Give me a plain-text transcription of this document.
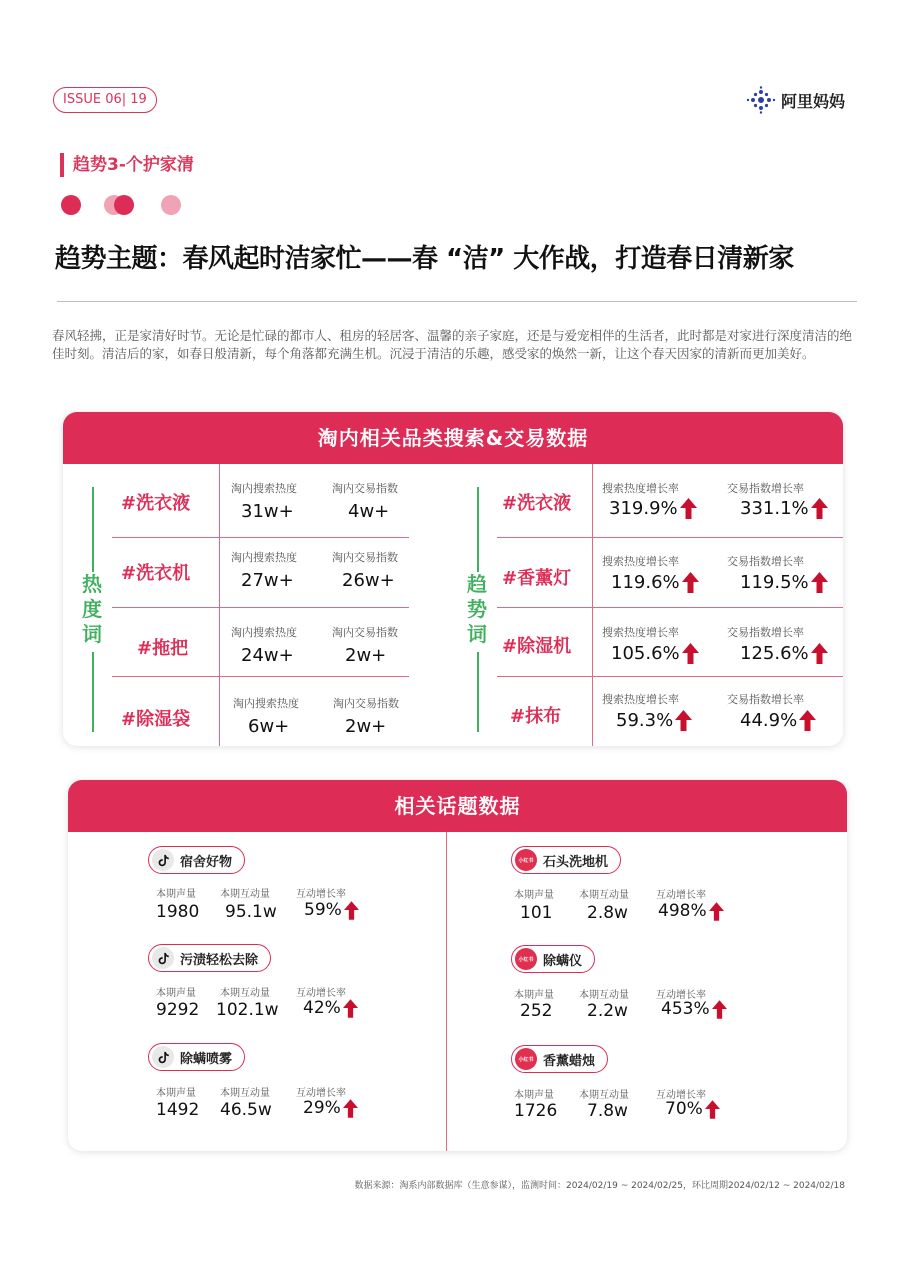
ISSUE 06| 19	阿里妈妈
趋势3-个护家清
趋势主题：春风起时洁家忙——春 “洁” 大作战，打造春日清新家
春风轻拂，正是家清好时节。无论是忙碌的都市人、租房的轻居客、温馨的亲子家庭，还是与爱宠相伴的生活者，此时都是对家进行深度清洁的绝佳时刻。清洁后的家，如春日般清新，每个角落都充满生机。沉浸于清洁的乐趣，感受家的焕然一新，让这个春天因家的清新而更加美好。
淘内相关品类搜索&交易数据
热度词
趋势词
#洗衣液
淘内搜索热度
31w+
淘内交易指数
4w+
#洗衣机
淘内搜索热度
27w+
淘内交易指数
26w+
#拖把
淘内搜索热度
24w+
淘内交易指数
2w+
#除湿袋
淘内搜索热度
6w+
淘内交易指数
2w+
#洗衣液
搜索热度增长率
319.9%
交易指数增长率
331.1%
#香薰灯
搜索热度增长率
119.6%
交易指数增长率
119.5%
#除湿机
搜索热度增长率
105.6%
交易指数增长率
125.6%
#抹布
搜索热度增长率
59.3%
交易指数增长率
44.9%
相关话题数据
宿舍好物
本期声量 本期互动量	互动增长率
1980 95.1w 59%
污渍轻松去除
本期声量 本期互动量	互动增长率
9292 102.1w 42%
除螨喷雾
本期声量 本期互动量	互动增长率
1492 46.5w 29%
小红书 石头洗地机
本期声量	本期互动量	互动增长率
101 2.8w 498%
小红书 除螨仪
本期声量	本期互动量	互动增长率
252 2.2w 453%
小红书 香薰蜡烛
本期声量	本期互动量	互动增长率
1726 7.8w 70%
数据来源：淘系内部数据库（生意参谋），监测时间：2024/02/19 ~ 2024/02/25，环比周期2024/02/12 ~ 2024/02/18
